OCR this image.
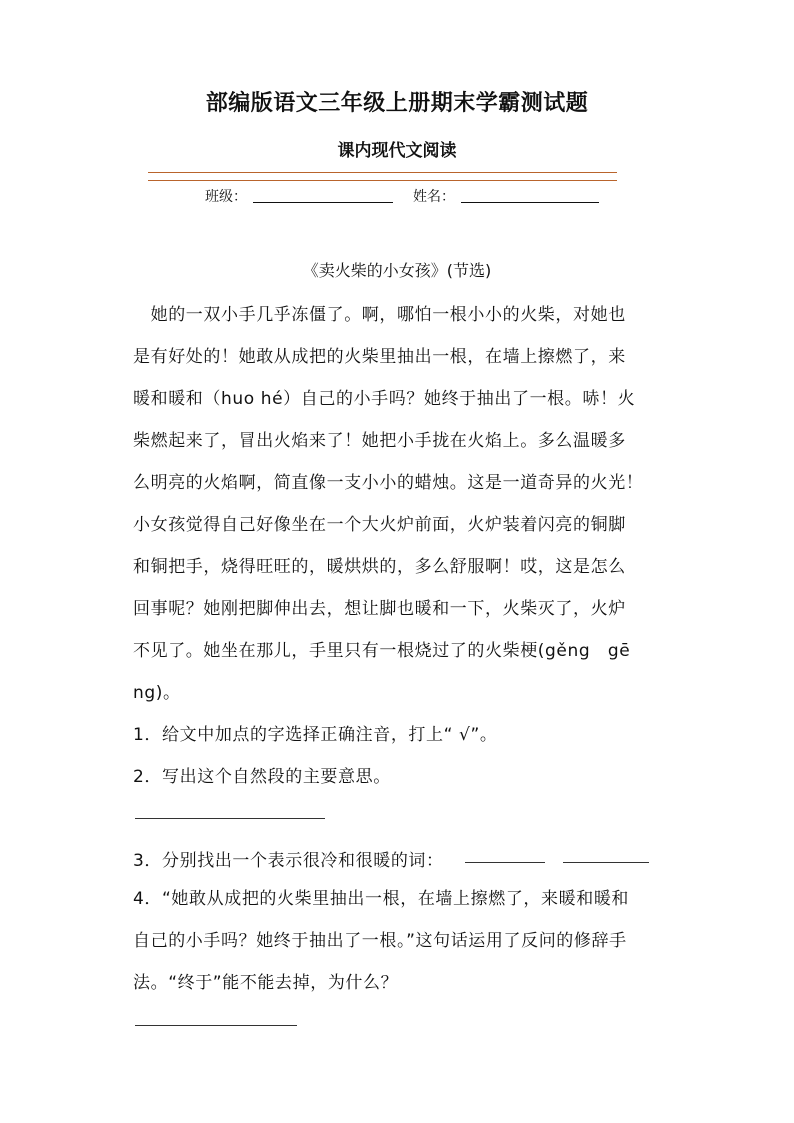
部编版语文三年级上册期末学霸测试题
课内现代文阅读
班级：	姓名：
《卖火柴的小女孩》(节选)
　她的一双小手几乎冻僵了。啊，哪怕一根小小的火柴，对她也
是有好处的！她敢从成把的火柴里抽出一根，在墙上擦燃了，来
暖和暖和（huo hé）自己的小手吗？她终于抽出了一根。哧！火
柴燃起来了，冒出火焰来了！她把小手拢在火焰上。多么温暖多
么明亮的火焰啊，简直像一支小小的蜡烛。这是一道奇异的火光！
小女孩觉得自己好像坐在一个大火炉前面，火炉装着闪亮的铜脚
和铜把手，烧得旺旺的，暖烘烘的，多么舒服啊！哎，这是怎么
回事呢？她刚把脚伸出去，想让脚也暖和一下，火柴灭了，火炉
不见了。她坐在那儿，手里只有一根烧过了的火柴梗(gěng　gē
ng)。
1．给文中加点的字选择正确注音，打上“ √”。
2．写出这个自然段的主要意思。
3．分别找出一个表示很冷和很暖的词：
4．“她敢从成把的火柴里抽出一根，在墙上擦燃了，来暖和暖和
自己的小手吗？她终于抽出了一根。”这句话运用了反问的修辞手
法。“终于”能不能去掉，为什么？
